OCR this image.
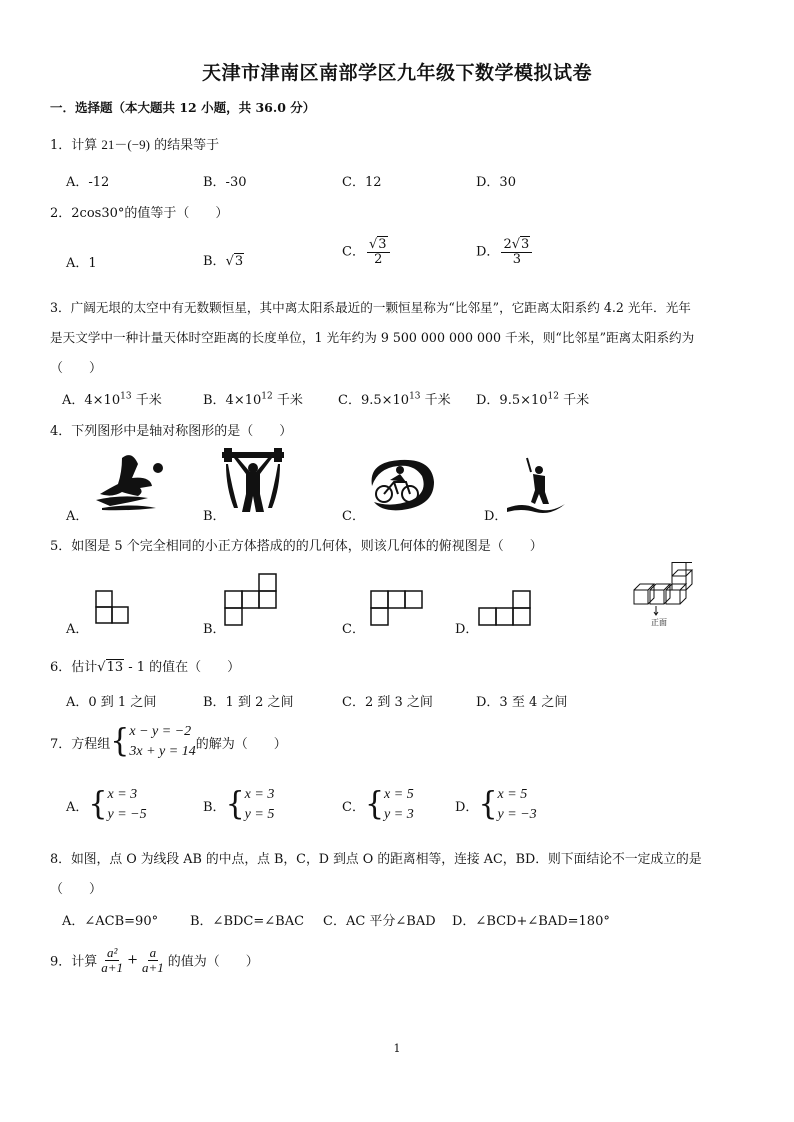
天津市津南区南部学区九年级下数学模拟试卷
一．选择题（本大题共 12 小题，共 36.0 分）
1．计算 21－(−9) 的结果等于
A．-12	B．-30	C．12	D．30
2．2cos30°的值等于（　　）
A．1	B．√3
C． $\frac{√3}{2}$	D． $\frac{2√3}{3}$
3．广阔无垠的太空中有无数颗恒星，其中离太阳系最近的一颗恒星称为“比邻星”，它距离太阳系约 4.2 光年．光年
是天文学中一种计量天体时空距离的长度单位，1 光年约为 9 500 000 000 000 千米，则“比邻星”距离太阳系约为
（　　）
A．$4\times 10^{13}$ 千米	B．$4\times 10^{12}$ 千米	C．$9.5\times 10^{13}$ 千米 D．$9.5\times 10^{12}$ 千米
4．下列图形中是轴对称图形的是（　　）
A．	B．	C．	D．
5．如图是 5 个完全相同的小正方体搭成的的几何体，则该几何体的俯视图是（　　）
A．	B．	C．	D．	正面
6．估计√13 - 1 的值在（　　）
A．0 到 1 之间	B．1 到 2 之间	C．2 到 3 之间	D．3 至 4 之间
7．方程组{ x − y = −2
3x + y = 14 的解为（　　）
A．{ x = 3
y = −5	B．{ x = 3
y = 5	C．{ x = 5
y = 3	D．{ x = 5
y = −3
8．如图，点 O 为线段 AB 的中点，点 B，C，D 到点 O 的距离相等，连接 AC，BD．则下面结论不一定成立的是
（　　）
A．∠ACB=90° B．∠BDC=∠BAC C．AC 平分∠BAD D．∠BCD+∠BAD=180°
9．计算 $\frac{\text{a²}}{a+1} + \frac{a}{a+1}$ 的值为（　　）
1
